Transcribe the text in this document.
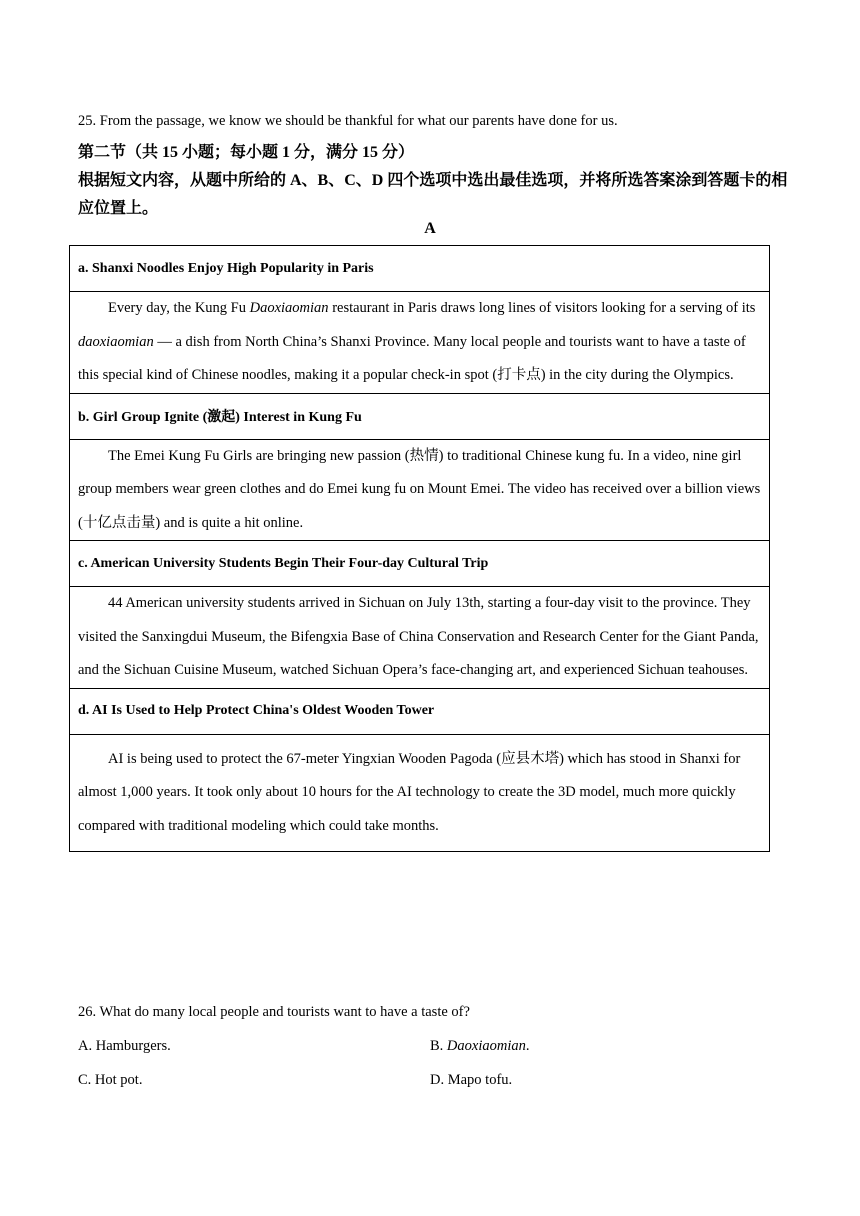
25. From the passage, we know we should be thankful for what our parents have done for us.
第二节（共 15 小题；每小题 1 分，满分 15 分）
根据短文内容，从题中所给的 A、B、C、D 四个选项中选出最佳选项，并将所选答案涂到答题卡的相应位置上。
A
a. Shanxi Noodles Enjoy High Popularity in Paris
Every day, the Kung Fu Daoxiaomian restaurant in Paris draws long lines of visitors looking for a serving of its daoxiaomian — a dish from North China’s Shanxi Province. Many local people and tourists want to have a taste of this special kind of Chinese noodles, making it a popular check-in spot (打卡点) in the city during the Olympics.
b. Girl Group Ignite (激起) Interest in Kung Fu
The Emei Kung Fu Girls are bringing new passion (热情) to traditional Chinese kung fu. In a video, nine girl group members wear green clothes and do Emei kung fu on Mount Emei. The video has received over a billion views (十亿点击量) and is quite a hit online.
c. American University Students Begin Their Four-day Cultural Trip
44 American university students arrived in Sichuan on July 13th, starting a four-day visit to the province. They visited the Sanxingdui Museum, the Bifengxia Base of China Conservation and Research Center for the Giant Panda, and the Sichuan Cuisine Museum, watched Sichuan Opera’s face-changing art, and experienced Sichuan teahouses.
d. AI Is Used to Help Protect China's Oldest Wooden Tower
AI is being used to protect the 67-meter Yingxian Wooden Pagoda (应县木塔) which has stood in Shanxi for almost 1,000 years. It took only about 10 hours for the AI technology to create the 3D model, much more quickly compared with traditional modeling which could take months.
26. What do many local people and tourists want to have a taste of?
A. Hamburgers.	B. Daoxiaomian.
C. Hot pot.	D. Mapo tofu.
